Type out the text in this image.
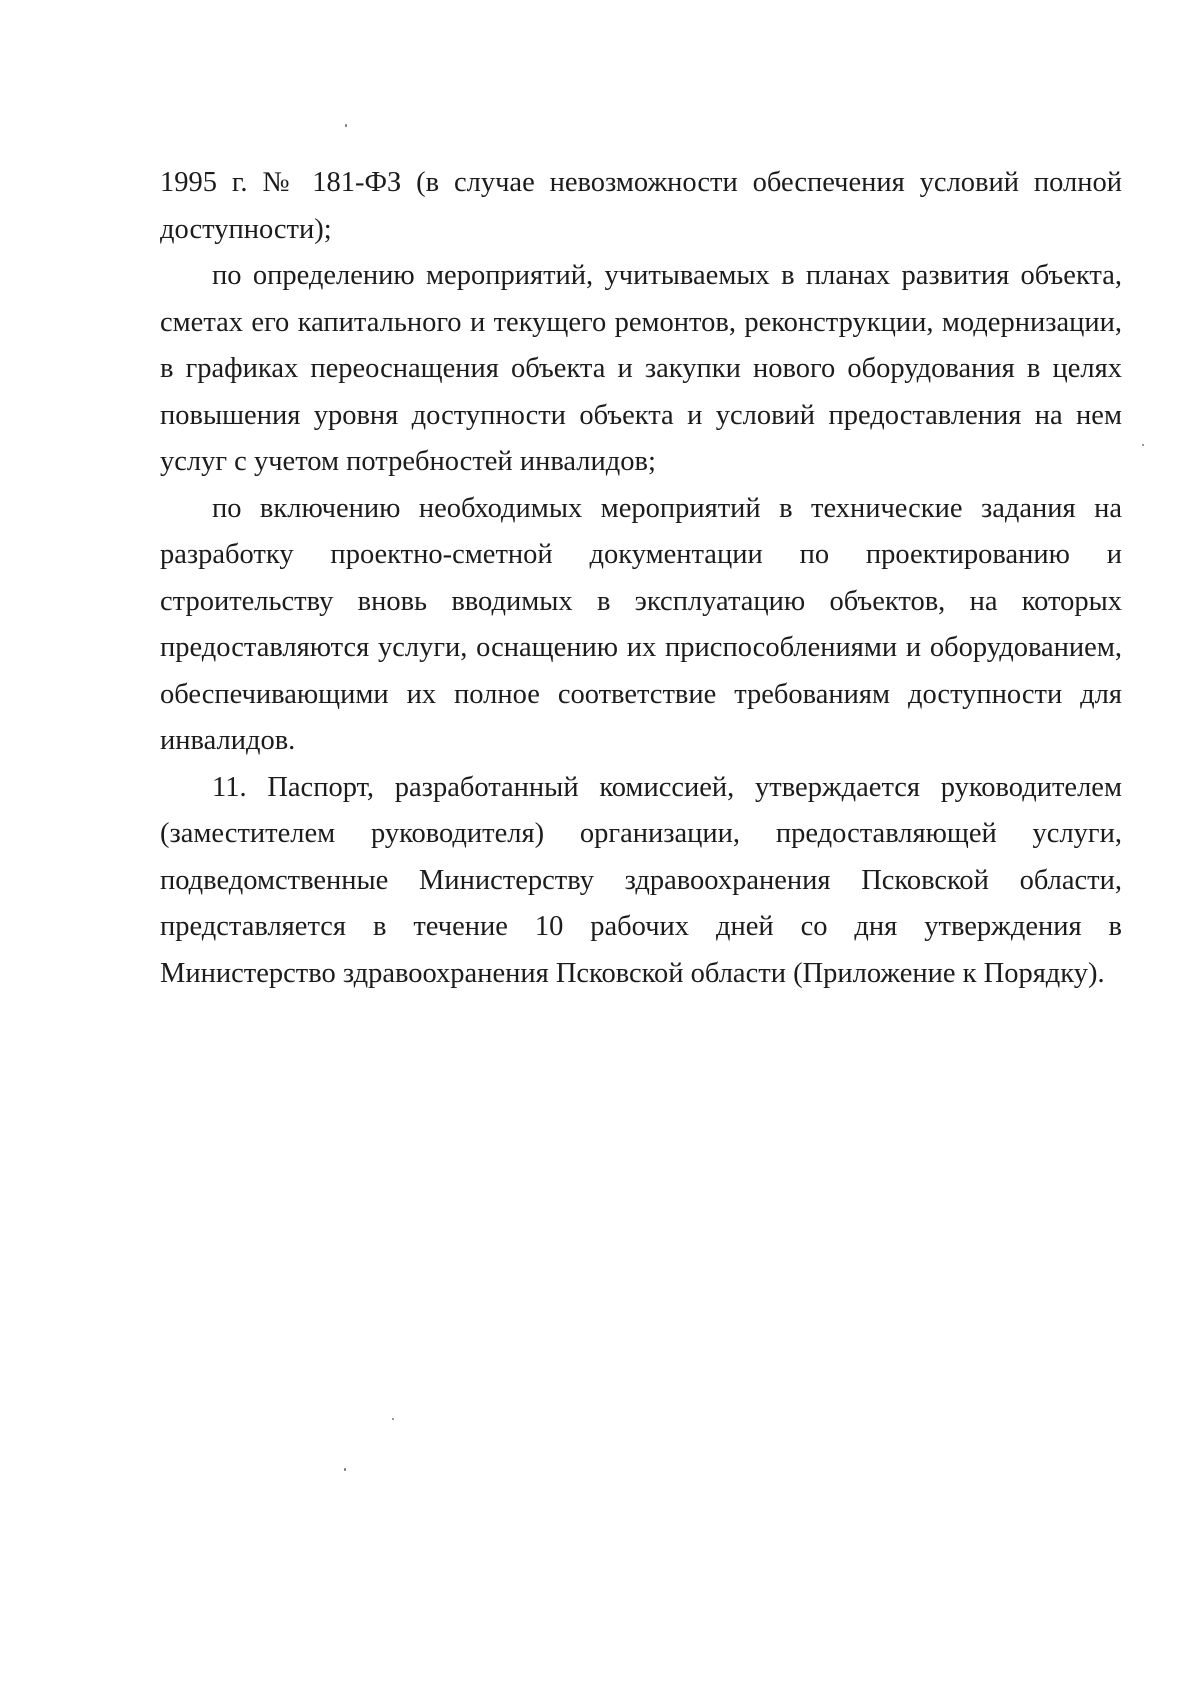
1995 г. № 181-ФЗ (в случае невозможности обеспечения условий полной доступности);

по определению мероприятий, учитываемых в планах развития объекта, сметах его капитального и текущего ремонтов, реконструкции, модернизации, в графиках переоснащения объекта и закупки нового оборудования в целях повышения уровня доступности объекта и условий предоставления на нем услуг с учетом потребностей инвалидов;

по включению необходимых мероприятий в технические задания на разработку проектно-сметной документации по проектированию и строительству вновь вводимых в эксплуатацию объектов, на которых предоставляются услуги, оснащению их приспособлениями и оборудованием, обеспечивающими их полное соответствие требованиям доступности для инвалидов.

11. Паспорт, разработанный комиссией, утверждается руководителем (заместителем руководителя) организации, предоставляющей услуги, подведомственные Министерству здравоохранения Псковской области, представляется в течение 10 рабочих дней со дня утверждения в Министерство здравоохранения Псковской области (Приложение к Порядку).
